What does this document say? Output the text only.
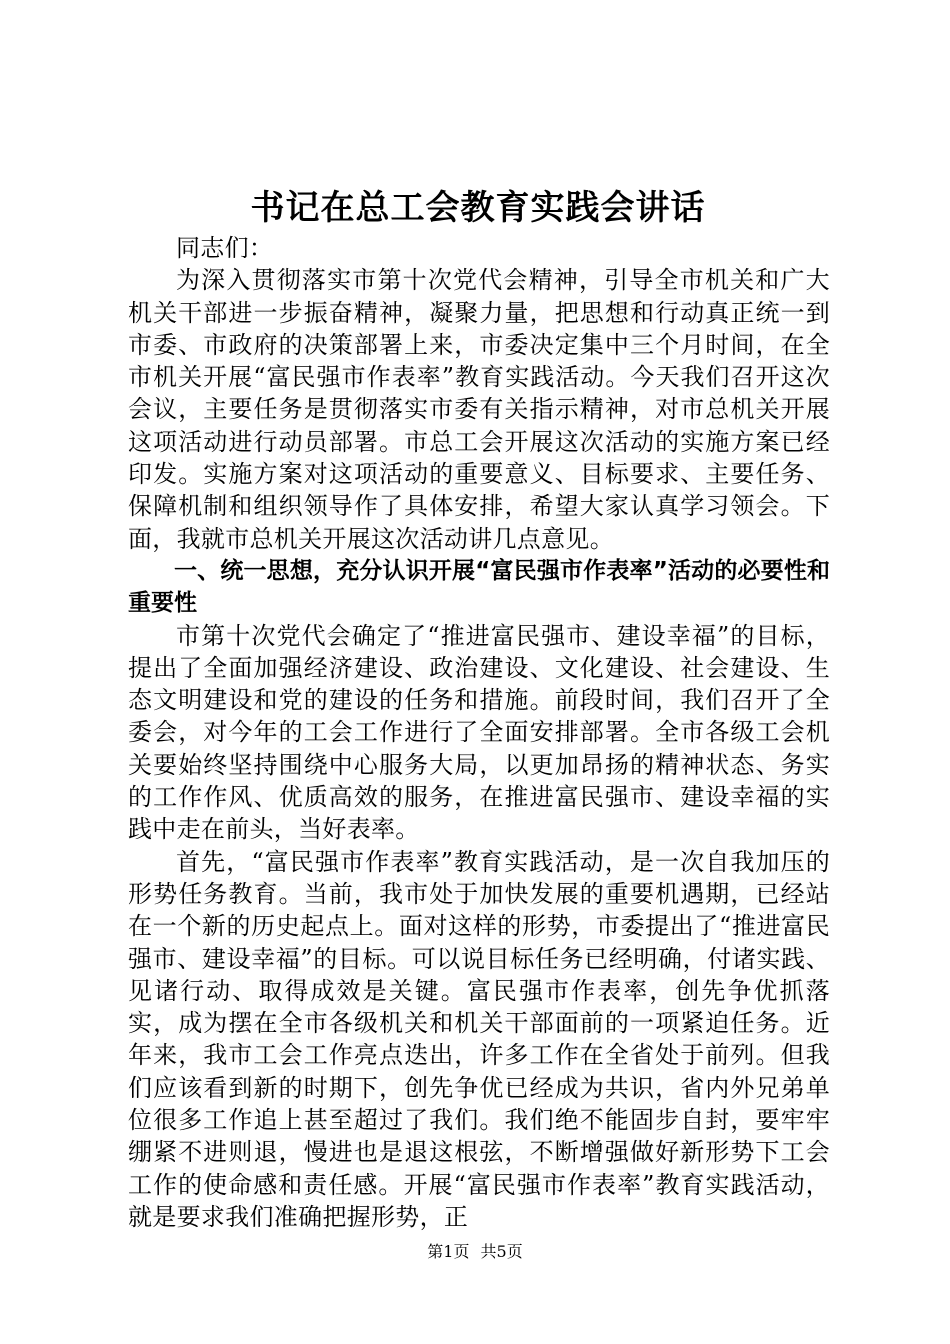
书记在总工会教育实践会讲话

同志们：

为深入贯彻落实市第十次党代会精神，引导全市机关和广大机关干部进一步振奋精神，凝聚力量，把思想和行动真正统一到市委、市政府的决策部署上来，市委决定集中三个月时间，在全市机关开展“富民强市作表率”教育实践活动。今天我们召开这次会议，主要任务是贯彻落实市委有关指示精神，对市总机关开展这项活动进行动员部署。市总工会开展这次活动的实施方案已经印发。实施方案对这项活动的重要意义、目标要求、主要任务、保障机制和组织领导作了具体安排，希望大家认真学习领会。下面，我就市总机关开展这次活动讲几点意见。

一、统一思想，充分认识开展“富民强市作表率”活动的必要性和重要性

市第十次党代会确定了“推进富民强市、建设幸福”的目标，提出了全面加强经济建设、政治建设、文化建设、社会建设、生态文明建设和党的建设的任务和措施。前段时间，我们召开了全委会，对今年的工会工作进行了全面安排部署。全市各级工会机关要始终坚持围绕中心服务大局，以更加昂扬的精神状态、务实的工作作风、优质高效的服务，在推进富民强市、建设幸福的实践中走在前头，当好表率。

首先，“富民强市作表率”教育实践活动，是一次自我加压的形势任务教育。当前，我市处于加快发展的重要机遇期，已经站在一个新的历史起点上。面对这样的形势，市委提出了“推进富民强市、建设幸福”的目标。可以说目标任务已经明确，付诸实践、见诸行动、取得成效是关键。富民强市作表率，创先争优抓落实，成为摆在全市各级机关和机关干部面前的一项紧迫任务。近年来，我市工会工作亮点迭出，许多工作在全省处于前列。但我们应该看到新的时期下，创先争优已经成为共识，省内外兄弟单位很多工作追上甚至超过了我们。我们绝不能固步自封，要牢牢绷紧不进则退，慢进也是退这根弦，不断增强做好新形势下工会工作的使命感和责任感。开展“富民强市作表率”教育实践活动，就是要求我们准确把握形势，正

第1页 共5页
